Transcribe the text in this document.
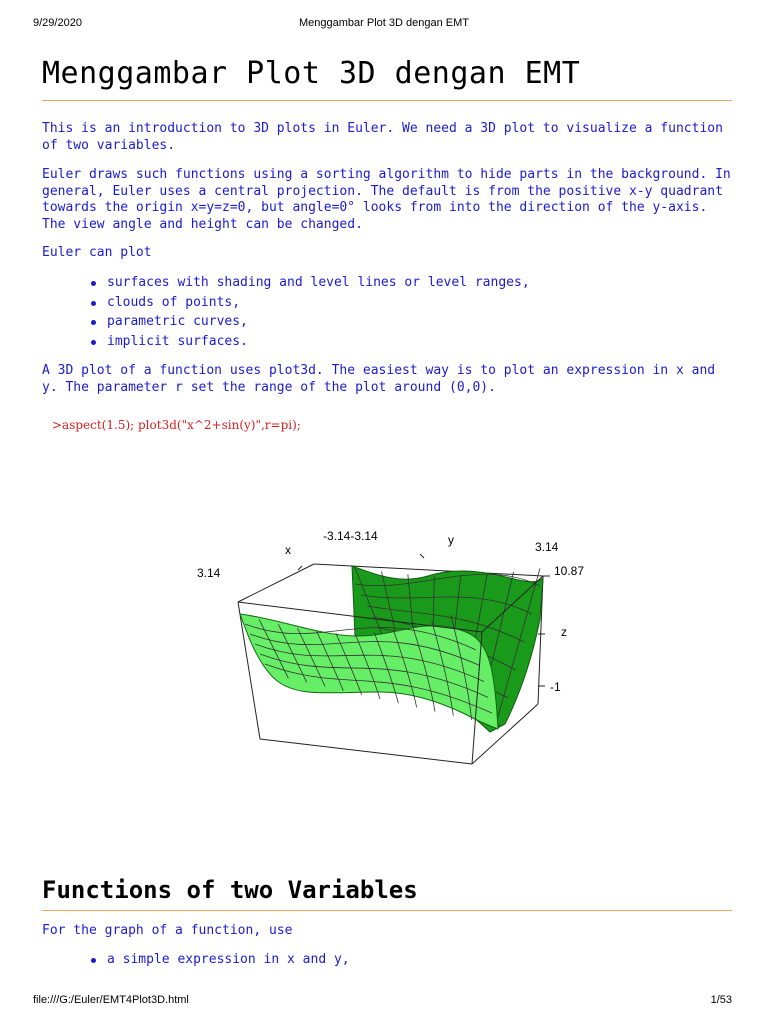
9/29/2020	Menggambar Plot 3D dengan EMT
Menggambar Plot 3D dengan EMT

This is an introduction to 3D plots in Euler. We need a 3D plot to visualize a function of two variables.

Euler draws such functions using a sorting algorithm to hide parts in the background. In general, Euler uses a central projection. The default is from the positive x-y quadrant towards the origin x=y=z=0, but angle=0° looks from into the direction of the y-axis. The view angle and height can be changed.

Euler can plot

surfaces with shading and level lines or level ranges,
clouds of points,
parametric curves,
implicit surfaces.

A 3D plot of a function uses plot3d. The easiest way is to plot an expression in x and y. The parameter r set the range of the plot around (0,0).

>aspect(1.5); plot3d("x^2+sin(y)",r=pi);

x
y
z
3.14
-3.14-3.14
3.14
10.87
-1
Functions of two Variables

For the graph of a function, use

a simple expression in x and y,
file:///G:/Euler/EMT4Plot3D.html	1/53
